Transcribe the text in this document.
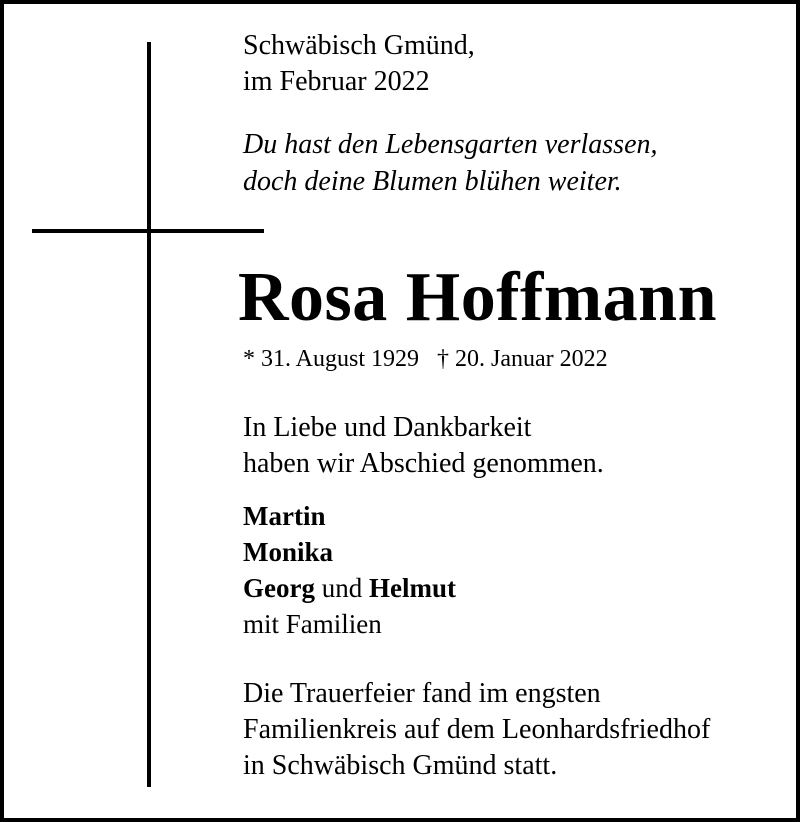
Schwäbisch Gmünd,
im Februar 2022
Du hast den Lebensgarten verlassen,
doch deine Blumen blühen weiter.
Rosa Hoffmann
* 31. August 1929 † 20. Januar 2022
In Liebe und Dankbarkeit
haben wir Abschied genommen.
Martin
Monika
Georg und Helmut
mit Familien
Die Trauerfeier fand im engsten
Familienkreis auf dem Leonhardsfriedhof
in Schwäbisch Gmünd statt.
